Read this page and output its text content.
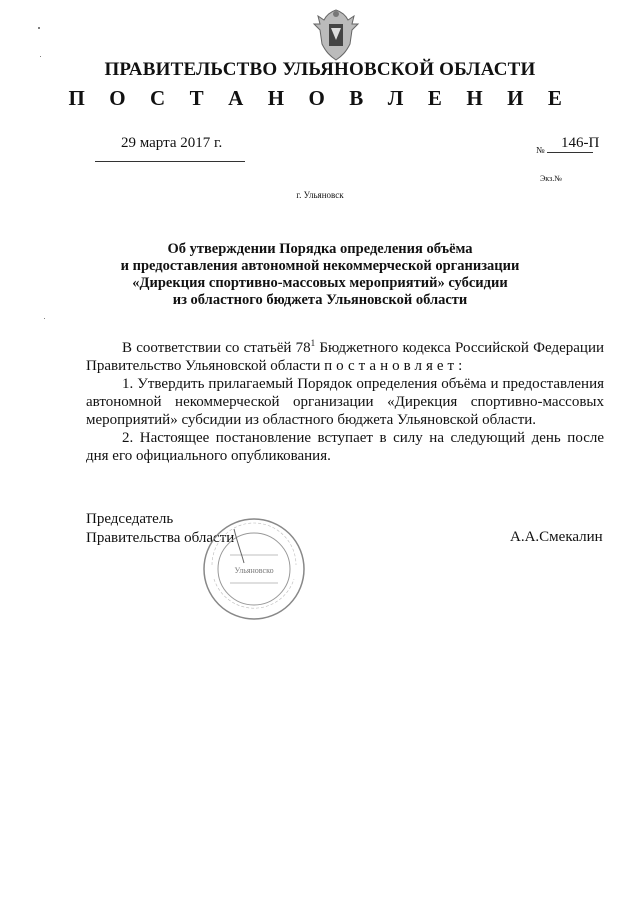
ПРАВИТЕЛЬСТВО УЛЬЯНОВСКОЙ ОБЛАСТИ
П О С Т А Н О В Л Е Н И Е
29 марта 2017 г.	№ 146-П
Экз.№
г. Ульяновск
Об утверждении Порядка определения объёма
и предоставления автономной некоммерческой организации
«Дирекция спортивно-массовых мероприятий» субсидии
из областного бюджета Ульяновской области

В соответствии со статьёй $78^1$ Бюджетного кодекса Российской Федерации Правительство Ульяновской области постановляет:

1. Утвердить прилагаемый Порядок определения объёма и предоставления автономной некоммерческой организации «Дирекция спортивно-массовых мероприятий» субсидии из областного бюджета Ульяновской области.

2. Настоящее постановление вступает в силу на следующий день после дня его официального опубликования.

Председатель
Правительства области	А.А.Смекалин
Ульяновско
